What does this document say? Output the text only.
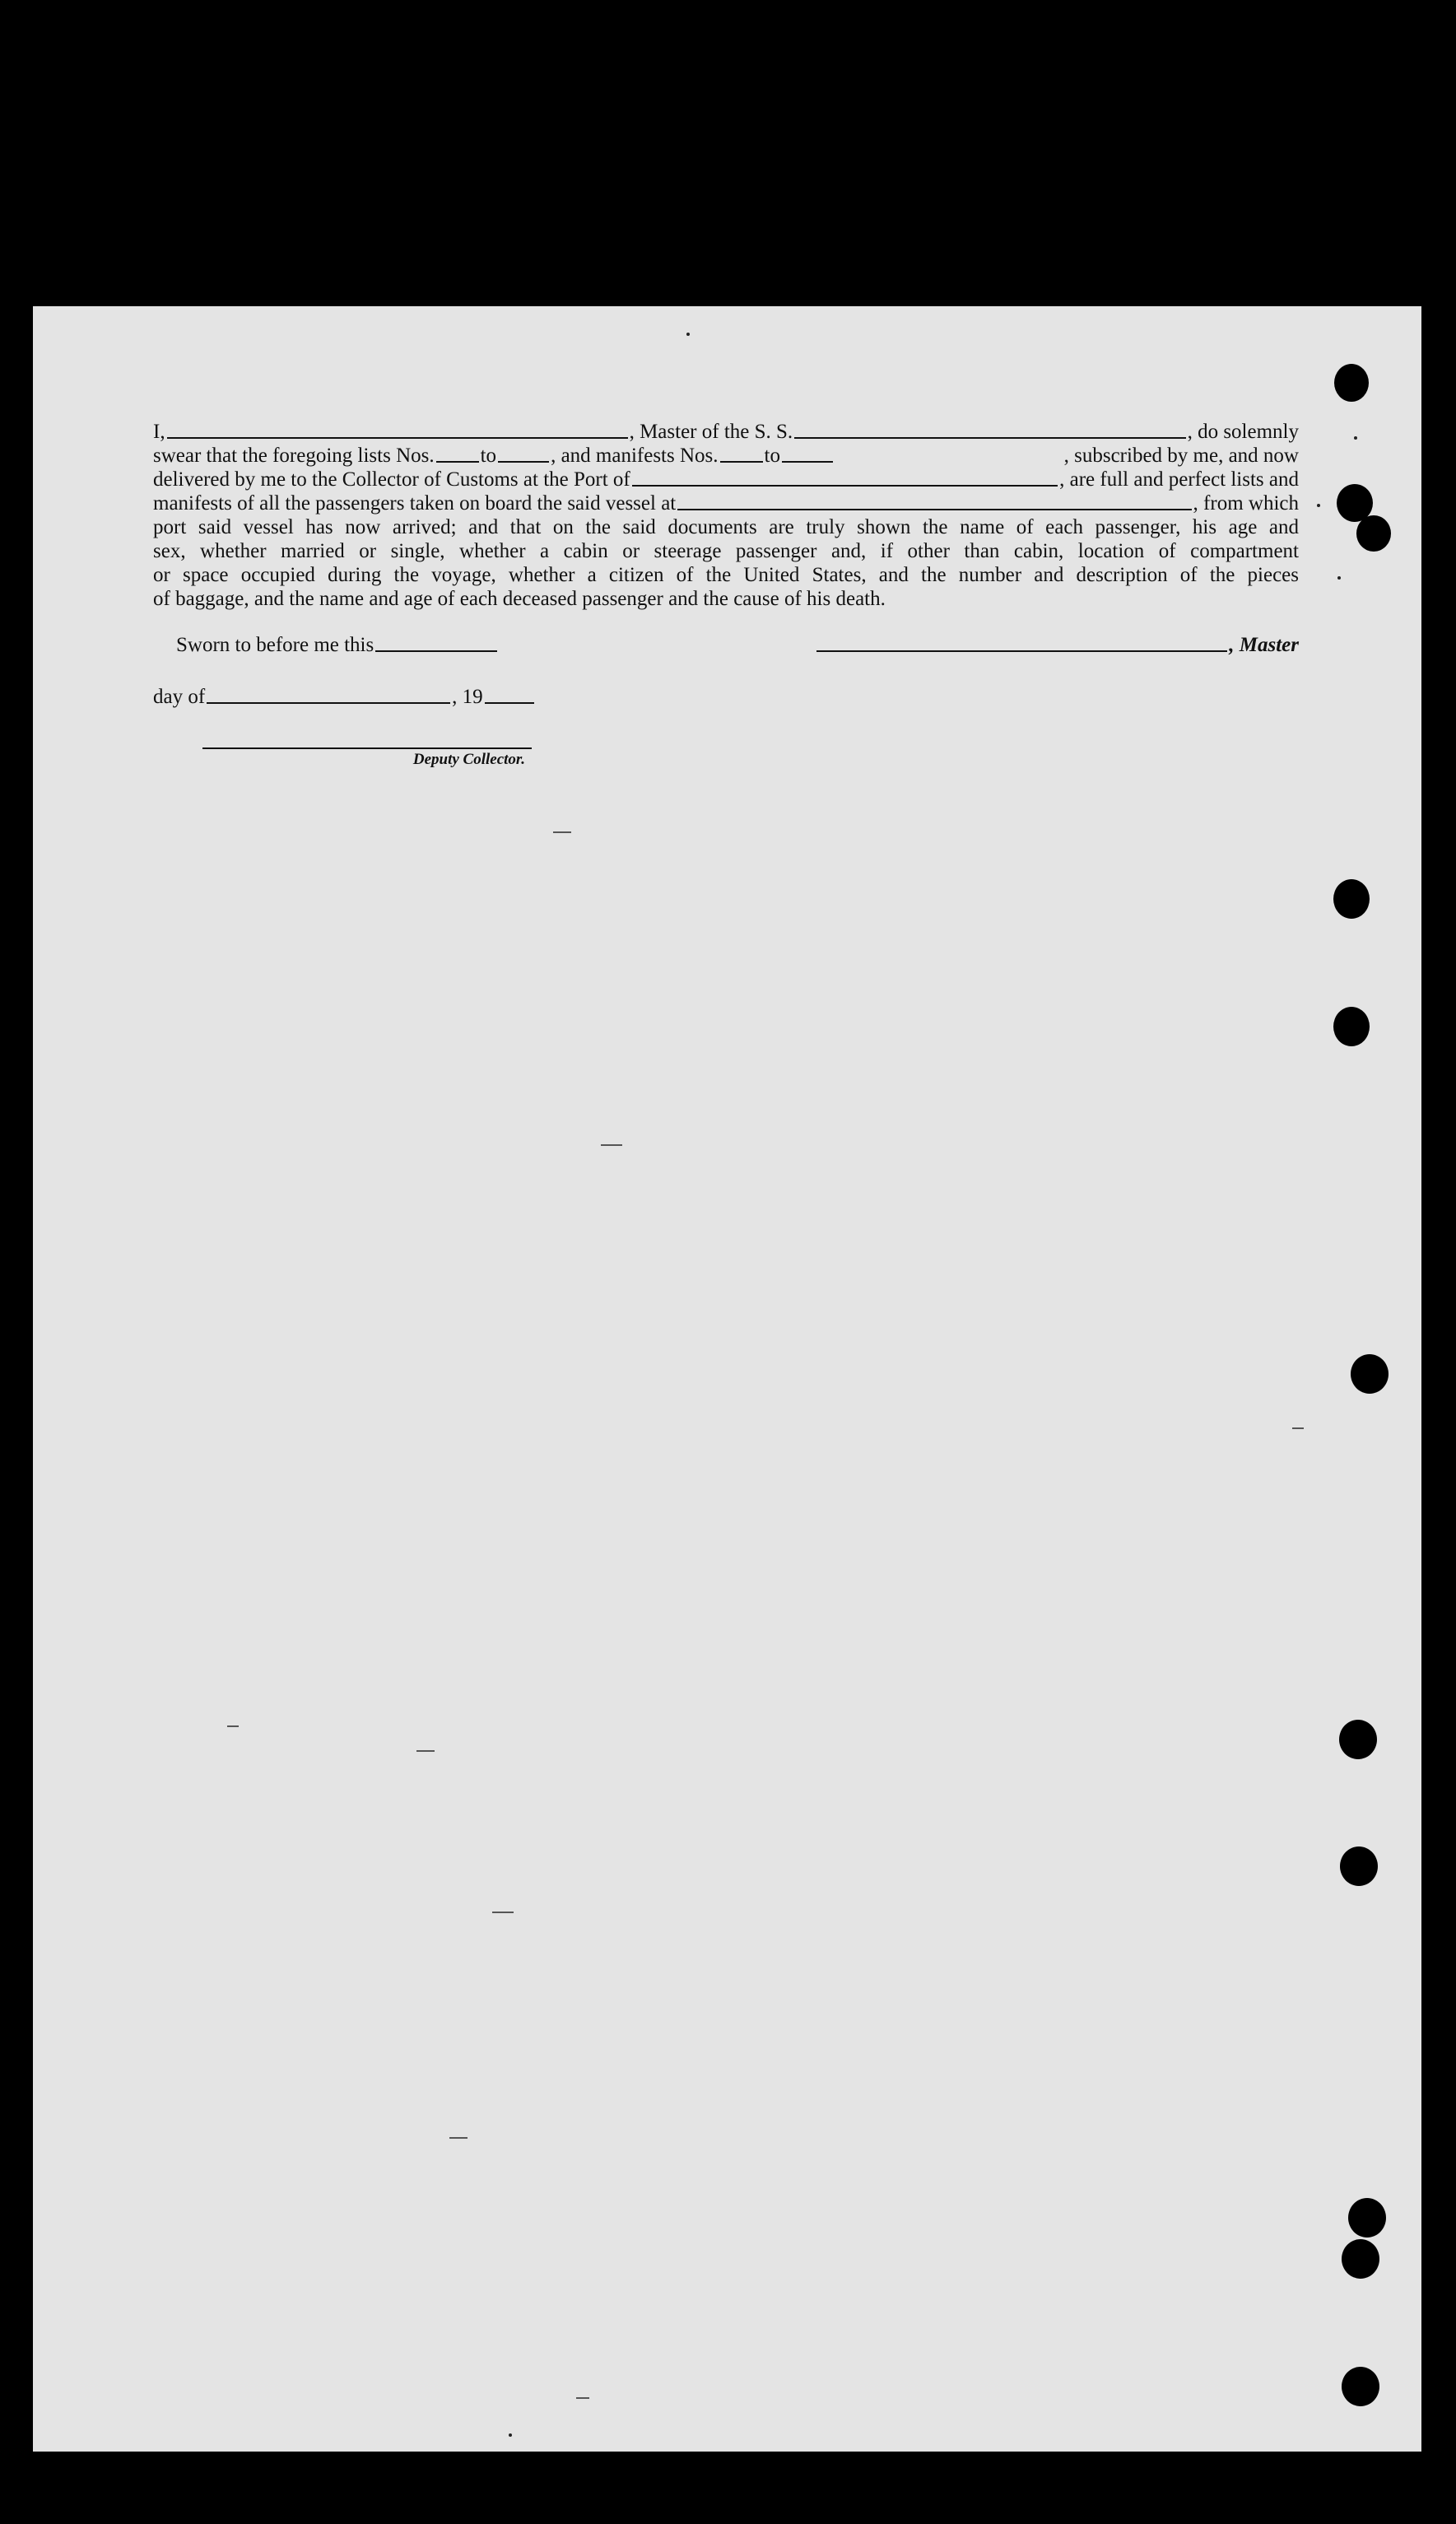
I,	, Master of the S. S.	, do solemnly
swear that the foregoing lists Nos. to	, and manifests Nos. to	, subscribed by me, and now
delivered by me to the Collector of Customs at the Port of	, are full and perfect lists and
manifests of all the passengers taken on board the said vessel at	, from which
port said vessel has now arrived; and that on the said documents are truly shown the name of each passenger, his age and
sex, whether married or single, whether a cabin or steerage passenger and, if other than cabin, location of compartment
or space occupied during the voyage, whether a citizen of the United States, and the number and description of the pieces
of baggage, and the name and age of each deceased passenger and the cause of his death.
Sworn to before me this	, Master
day of	, 19
Deputy Collector.
